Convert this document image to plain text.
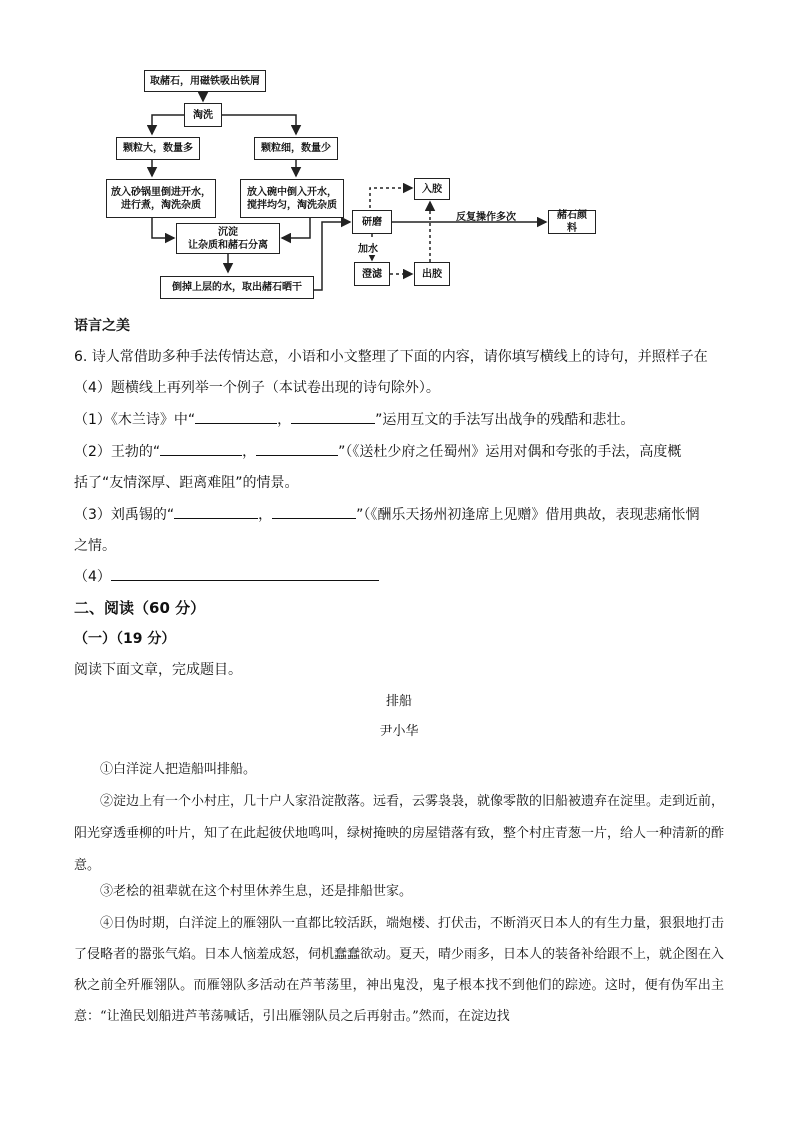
取赭石，用磁铁吸出铁屑
淘洗
颗粒大，数量多	颗粒细，数量少
放入砂锅里倒进开水，进行煮，淘洗杂质
放入碗中倒入开水，搅拌均匀，淘洗杂质
沉淀
让杂质和赭石分离
倒掉上层的水，取出赭石晒干
研磨
入胶
加水
澄滤	出胶
反复操作多次	赭石颜料
语言之美
6. 诗人常借助多种手法传情达意，小语和小文整理了下面的内容，请你填写横线上的诗句，并照样子在
（4）题横线上再列举一个例子（本试卷出现的诗句除外）。
（1）《木兰诗》中“	，	”运用互文的手法写出战争的残酷和悲壮。
（2）王勃的“	，	”（《送杜少府之任蜀州》运用对偶和夸张的手法，高度概
括了“友情深厚、距离难阻”的情景。
（3）刘禹锡的“	，	”（《酬乐天扬州初逢席上见赠》借用典故，表现悲痛怅惘
之情。
（4）
二、阅读（60 分）
（一）（19 分）
阅读下面文章，完成题目。
排船
尹小华
①白洋淀人把造船叫排船。
②淀边上有一个小村庄，几十户人家沿淀散落。远看，云雾袅袅，就像零散的旧船被遗弃在淀里。走到近前，阳光穿透垂柳的叶片，知了在此起彼伏地鸣叫，绿树掩映的房屋错落有致，整个村庄青葱一片，给人一种清新的酢意。
③老桧的祖辈就在这个村里休养生息，还是排船世家。
④日伪时期，白洋淀上的雁翎队一直都比较活跃，端炮楼、打伏击，不断消灭日本人的有生力量，狠狠地打击了侵略者的嚣张气焰。日本人恼羞成怒，伺机蠢蠢欲动。夏天，晴少雨多，日本人的装备补给跟不上，就企图在入秋之前全歼雁翎队。而雁翎队多活动在芦苇荡里，神出鬼没，鬼子根本找不到他们的踪迹。这时，便有伪军出主意：“让渔民划船进芦苇荡喊话，引出雁翎队员之后再射击。”然而，在淀边找
